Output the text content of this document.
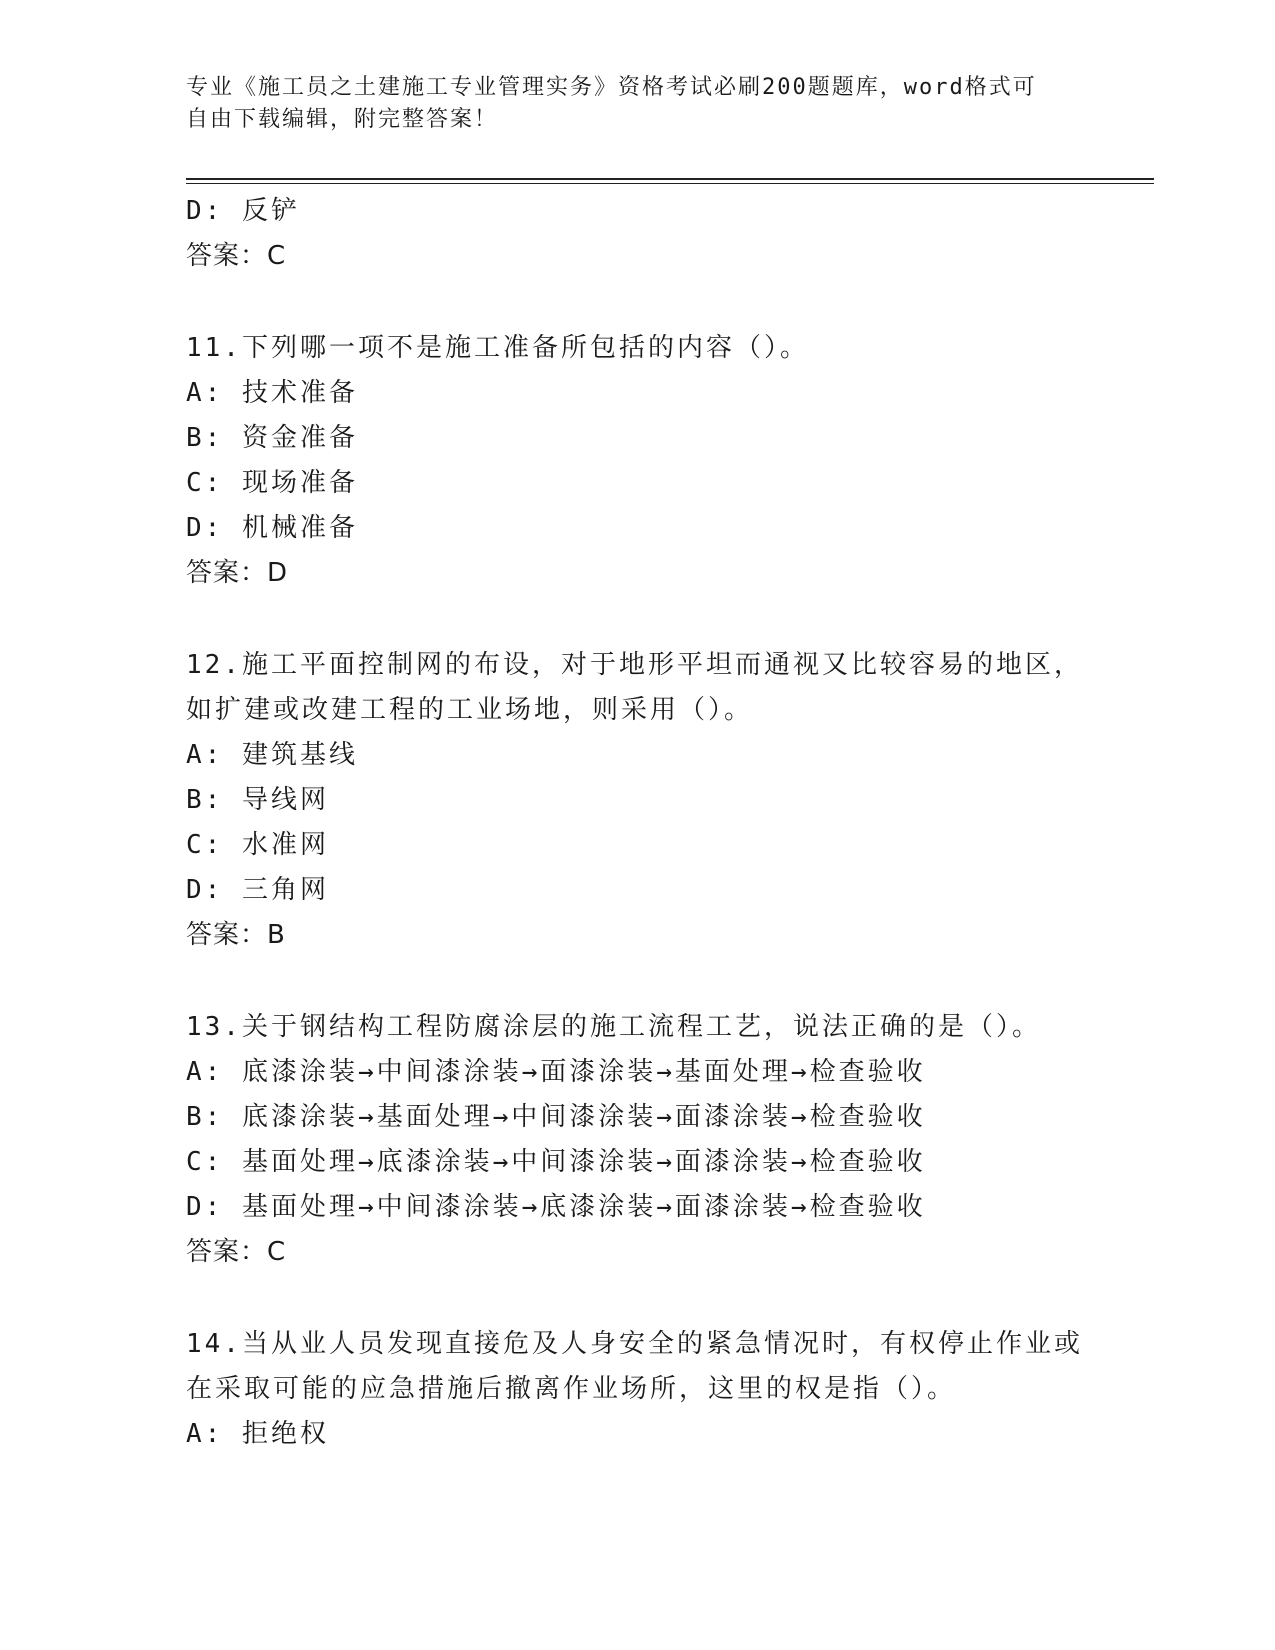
专业《施工员之土建施工专业管理实务》资格考试必刷200题题库，word格式可
自由下载编辑，附完整答案！
D: 反铲
答案：C
11.下列哪一项不是施工准备所包括的内容（）。
A: 技术准备
B: 资金准备
C: 现场准备
D: 机械准备
答案：D
12.施工平面控制网的布设，对于地形平坦而通视又比较容易的地区，
如扩建或改建工程的工业场地，则采用（）。
A: 建筑基线
B: 导线网
C: 水准网
D: 三角网
答案：B
13.关于钢结构工程防腐涂层的施工流程工艺，说法正确的是（）。
A: 底漆涂装→中间漆涂装→面漆涂装→基面处理→检查验收
B: 底漆涂装→基面处理→中间漆涂装→面漆涂装→检查验收
C: 基面处理→底漆涂装→中间漆涂装→面漆涂装→检查验收
D: 基面处理→中间漆涂装→底漆涂装→面漆涂装→检查验收
答案：C
14.当从业人员发现直接危及人身安全的紧急情况时，有权停止作业或
在采取可能的应急措施后撤离作业场所，这里的权是指（）。
A: 拒绝权
